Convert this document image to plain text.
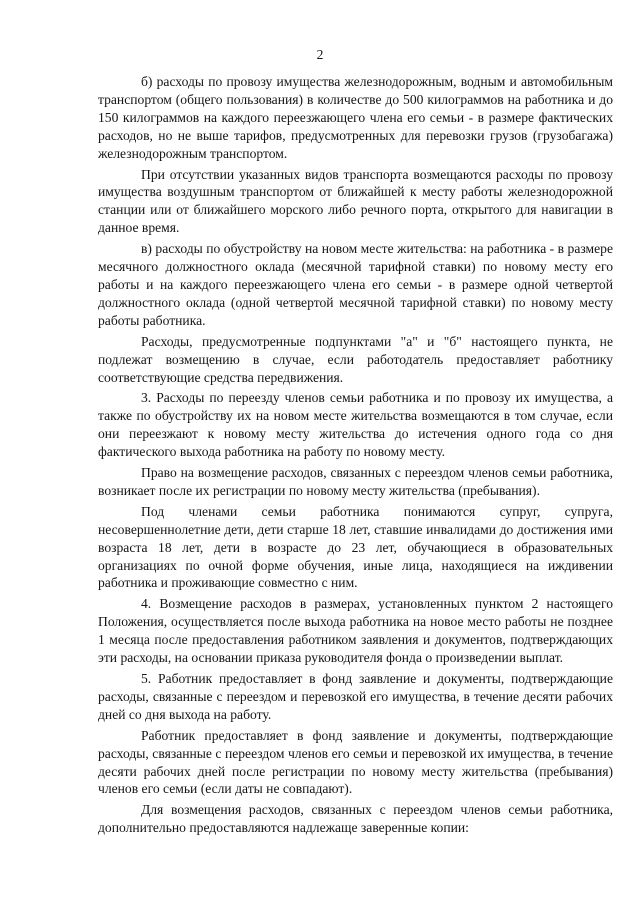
2

б) расходы по провозу имущества железнодорожным, водным и автомобильным транспортом (общего пользования) в количестве до 500 килограммов на работника и до 150 килограммов на каждого переезжающего члена его семьи - в размере фактических расходов, но не выше тарифов, предусмотренных для перевозки грузов (грузобагажа) железнодорожным транспортом.

При отсутствии указанных видов транспорта возмещаются расходы по провозу имущества воздушным транспортом от ближайшей к месту работы железнодорожной станции или от ближайшего морского либо речного порта, открытого для навигации в данное время.

в) расходы по обустройству на новом месте жительства: на работника - в размере месячного должностного оклада (месячной тарифной ставки) по новому месту его работы и на каждого переезжающего члена его семьи - в размере одной четвертой должностного оклада (одной четвертой месячной тарифной ставки) по новому месту работы работника.

Расходы, предусмотренные подпунктами "а" и "б" настоящего пункта, не подлежат возмещению в случае, если работодатель предоставляет работнику соответствующие средства передвижения.

3. Расходы по переезду членов семьи работника и по провозу их имущества, а также по обустройству их на новом месте жительства возмещаются в том случае, если они переезжают к новому месту жительства до истечения одного года со дня фактического выхода работника на работу по новому месту.

Право на возмещение расходов, связанных с переездом членов семьи работника, возникает после их регистрации по новому месту жительства (пребывания).

Под членами семьи работника понимаются супруг, супруга, несовершеннолетние дети, дети старше 18 лет, ставшие инвалидами до достижения ими возраста 18 лет, дети в возрасте до 23 лет, обучающиеся в образовательных организациях по очной форме обучения, иные лица, находящиеся на иждивении работника и проживающие совместно с ним.

4. Возмещение расходов в размерах, установленных пунктом 2 настоящего Положения, осуществляется после выхода работника на новое место работы не позднее 1 месяца после предоставления работником заявления и документов, подтверждающих эти расходы, на основании приказа руководителя фонда о произведении выплат.

5. Работник предоставляет в фонд заявление и документы, подтверждающие расходы, связанные с переездом и перевозкой его имущества, в течение десяти рабочих дней со дня выхода на работу.

Работник предоставляет в фонд заявление и документы, подтверждающие расходы, связанные с переездом членов его семьи и перевозкой их имущества, в течение десяти рабочих дней после регистрации по новому месту жительства (пребывания) членов его семьи (если даты не совпадают).

Для возмещения расходов, связанных с переездом членов семьи работника, дополнительно предоставляются надлежаще заверенные копии:
